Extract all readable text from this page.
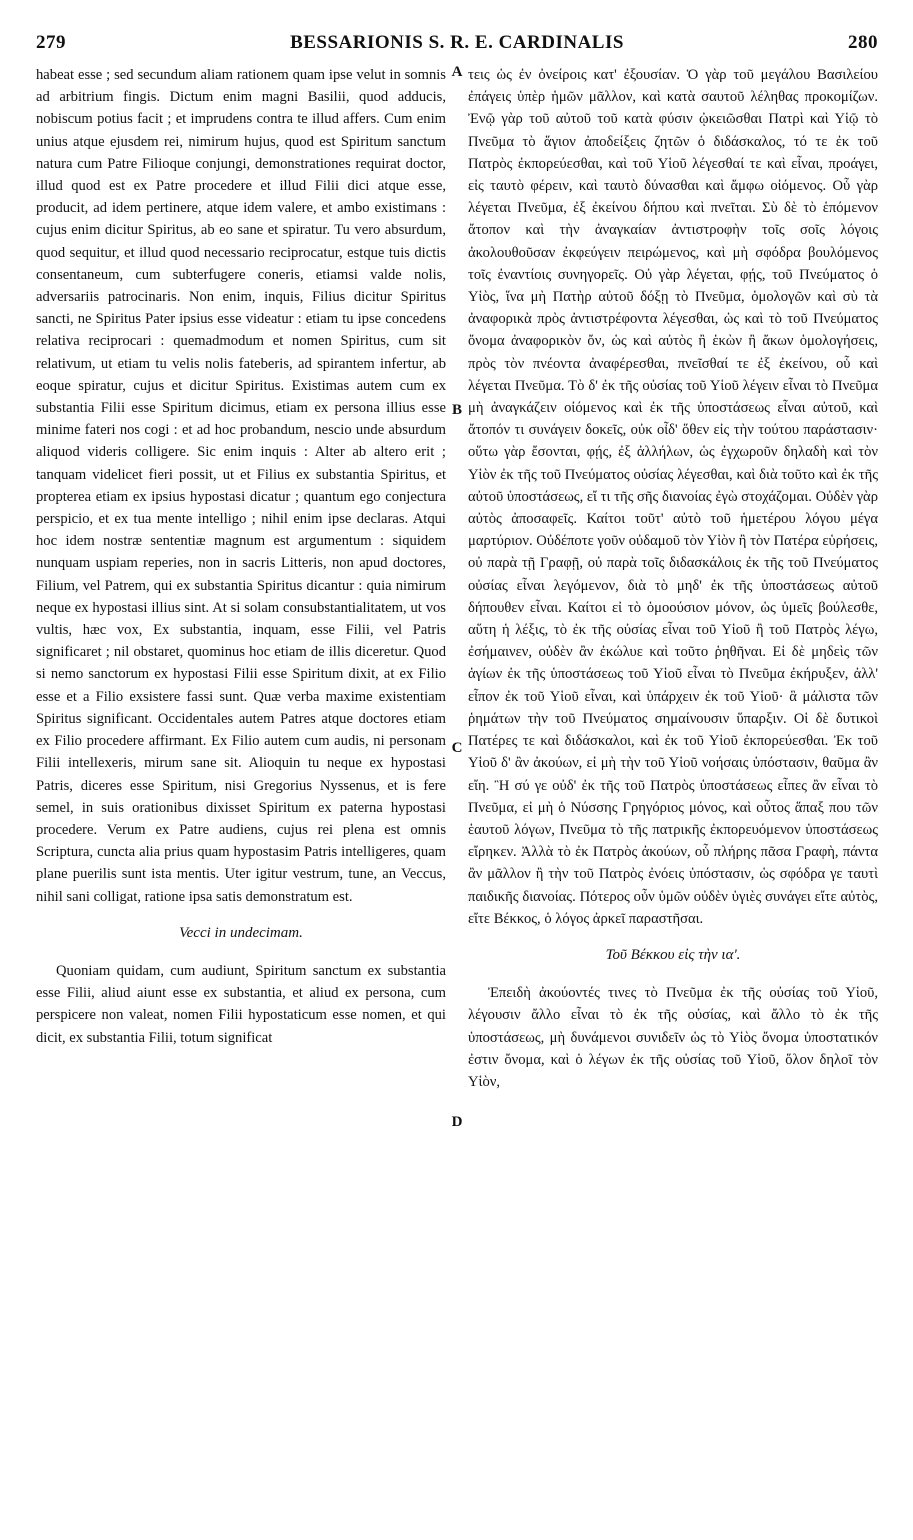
279	BESSARIONIS S. R. E. CARDINALIS	280
A
B
C
D

habeat esse ; sed secundum aliam rationem quam ipse velut in somnis ad arbitrium fingis. Dictum enim magni Basilii, quod adducis, nobiscum potius facit ; et imprudens contra te illud affers. Cum enim unius atque ejusdem rei, nimirum hujus, quod est Spiritum sanctum natura cum Patre Filioque conjungi, demonstrationes requirat doctor, illud quod est ex Patre procedere et illud Filii dici atque esse, producit, ad idem pertinere, atque idem valere, et ambo existimans : cujus enim dicitur Spiritus, ab eo sane et spiratur. Tu vero absurdum, quod sequitur, et illud quod necessario reciprocatur, estque tuis dictis consentaneum, cum subterfugere coneris, etiamsi valde nolis, adversariis patrocinaris. Non enim, inquis, Filius dicitur Spiritus sancti, ne Spiritus Pater ipsius esse videatur : etiam tu ipse concedens relativa reciprocari : quemadmodum et nomen Spiritus, cum sit relativum, ut etiam tu velis nolis fateberis, ad spirantem infertur, ab eoque spiratur, cujus et dicitur Spiritus. Existimas autem cum ex substantia Filii esse Spiritum dicimus, etiam ex persona illius esse minime fateri nos cogi : et ad hoc probandum, nescio unde absurdum aliquod videris colligere. Sic enim inquis : Alter ab altero erit ; tanquam videlicet fieri possit, ut et Filius ex substantia Spiritus, et propterea etiam ex ipsius hypostasi dicatur ; quantum ego conjectura perspicio, et ex tua mente intelligo ; nihil enim ipse declaras. Atqui hoc idem nostræ sententiæ magnum est argumentum : siquidem nunquam uspiam reperies, non in sacris Litteris, non apud doctores, Filium, vel Patrem, qui ex substantia Spiritus dicantur : quia nimirum neque ex hypostasi illius sint. At si solam consubstantialitatem, ut vos vultis, hæc vox, Ex substantia, inquam, esse Filii, vel Patris significaret ; nil obstaret, quominus hoc etiam de illis diceretur. Quod si nemo sanctorum ex hypostasi Filii esse Spiritum dixit, at ex Filio esse et a Filio exsistere fassi sunt. Quæ verba maxime existentiam Spiritus significant. Occidentales autem Patres atque doctores etiam ex Filio procedere affirmant. Ex Filio autem cum audis, ni personam Filii intellexeris, mirum sane sit. Alioquin tu neque ex hypostasi Patris, diceres esse Spiritum, nisi Gregorius Nyssenus, et is fere semel, in suis orationibus dixisset Spiritum ex paterna hypostasi procedere. Verum ex Patre audiens, cujus rei plena est omnis Scriptura, cuncta alia prius quam hypostasim Patris intelligeres, quam plane puerilis sunt ista mentis. Uter igitur vestrum, tune, an Veccus, nihil sani colligat, ratione ipsa satis demonstratum est.

Vecci in undecimam.

Quoniam quidam, cum audiunt, Spiritum sanctum ex substantia esse Filii, aliud aiunt esse ex substantia, et aliud ex persona, cum perspicere non valeat, nomen Filii hypostaticum esse nomen, et qui dicit, ex substantia Filii, totum significat

τεις ὡς ἐν ὀνείροις κατ' ἐξουσίαν. Ὁ γὰρ τοῦ μεγάλου Βασιλείου ἐπάγεις ὑπὲρ ἡμῶν μᾶλλον, καὶ κατὰ σαυτοῦ λέληθας προκομίζων. Ἐνῷ γὰρ τοῦ αὐτοῦ τοῦ κατὰ φύσιν ᾠκειῶσθαι Πατρὶ καὶ Υἱῷ τὸ Πνεῦμα τὸ ἅγιον ἀποδείξεις ζητῶν ὁ διδάσκαλος, τό τε ἐκ τοῦ Πατρὸς ἐκπορεύεσθαι, καὶ τοῦ Υἱοῦ λέγεσθαί τε καὶ εἶναι, προάγει, εἰς ταυτὸ φέρειν, καὶ ταυτὸ δύνασθαι καὶ ἄμφω οἰόμενος. Οὗ γὰρ λέγεται Πνεῦμα, ἐξ ἐκείνου δήπου καὶ πνεῖται. Σὺ δὲ τὸ ἑπόμενον ἄτοπον καὶ τὴν ἀναγκαίαν ἀντιστροφὴν τοῖς σοῖς λόγοις ἀκολουθοῦσαν ἐκφεύγειν πειρώμενος, καὶ μὴ σφόδρα βουλόμενος τοῖς ἐναντίοις συνηγορεῖς. Οὐ γὰρ λέγεται, φῄς, τοῦ Πνεύματος ὁ Υἱὸς, ἵνα μὴ Πατὴρ αὐτοῦ δόξῃ τὸ Πνεῦμα, ὁμολογῶν καὶ σὺ τὰ ἀναφορικὰ πρὸς ἀντιστρέφοντα λέγεσθαι, ὡς καὶ τὸ τοῦ Πνεύματος ὄνομα ἀναφορικὸν ὄν, ὡς καὶ αὐτὸς ἢ ἑκὼν ἢ ἄκων ὁμολογήσεις, πρὸς τὸν πνέοντα ἀναφέρεσθαι, πνεῖσθαί τε ἐξ ἐκείνου, οὗ καὶ λέγεται Πνεῦμα. Τὸ δ' ἐκ τῆς οὐσίας τοῦ Υἱοῦ λέγειν εἶναι τὸ Πνεῦμα μὴ ἀναγκάζειν οἰόμενος καὶ ἐκ τῆς ὑποστάσεως εἶναι αὐτοῦ, καὶ ἄτοπόν τι συνάγειν δοκεῖς, οὐκ οἶδ' ὅθεν εἰς τὴν τούτου παράστασιν· οὕτω γὰρ ἔσονται, φῄς, ἐξ ἀλλήλων, ὡς ἐγχωροῦν δηλαδὴ καὶ τὸν Υἱὸν ἐκ τῆς τοῦ Πνεύματος οὐσίας λέγεσθαι, καὶ διὰ τοῦτο καὶ ἐκ τῆς αὐτοῦ ὑποστάσεως, εἴ τι τῆς σῆς διανοίας ἐγὼ στοχάζομαι. Οὐδὲν γὰρ αὐτὸς ἀποσαφεῖς. Καίτοι τοῦτ' αὐτὸ τοῦ ἡμετέρου λόγου μέγα μαρτύριον. Οὐδέποτε γοῦν οὐδαμοῦ τὸν Υἱὸν ἢ τὸν Πατέρα εὑρήσεις, οὐ παρὰ τῇ Γραφῇ, οὐ παρὰ τοῖς διδασκάλοις ἐκ τῆς τοῦ Πνεύματος οὐσίας εἶναι λεγόμενον, διὰ τὸ μηδ' ἐκ τῆς ὑποστάσεως αὐτοῦ δήπουθεν εἶναι. Καίτοι εἰ τὸ ὁμοούσιον μόνον, ὡς ὑμεῖς βούλεσθε, αὕτη ἡ λέξις, τὸ ἐκ τῆς οὐσίας εἶναι τοῦ Υἱοῦ ἢ τοῦ Πατρὸς λέγω, ἐσήμαινεν, οὐδὲν ἂν ἐκώλυε καὶ τοῦτο ῥηθῆναι. Εἰ δὲ μηδεὶς τῶν ἁγίων ἐκ τῆς ὑποστάσεως τοῦ Υἱοῦ εἶναι τὸ Πνεῦμα ἐκήρυξεν, ἀλλ' εἶπον ἐκ τοῦ Υἱοῦ εἶναι, καὶ ὑπάρχειν ἐκ τοῦ Υἱοῦ· ἃ μάλιστα τῶν ῥημάτων τὴν τοῦ Πνεύματος σημαίνουσιν ὕπαρξιν. Οἱ δὲ δυτικοὶ Πατέρες τε καὶ διδάσκαλοι, καὶ ἐκ τοῦ Υἱοῦ ἐκπορεύεσθαι. Ἐκ τοῦ Υἱοῦ δ' ἂν ἀκούων, εἰ μὴ τὴν τοῦ Υἱοῦ νοήσαις ὑπόστασιν, θαῦμα ἂν εἴη. Ἢ σύ γε οὐδ' ἐκ τῆς τοῦ Πατρὸς ὑποστάσεως εἶπες ἂν εἶναι τὸ Πνεῦμα, εἰ μὴ ὁ Νύσσης Γρηγόριος μόνος, καὶ οὗτος ἅπαξ που τῶν ἑαυτοῦ λόγων, Πνεῦμα τὸ τῆς πατρικῆς ἐκπορευόμενον ὑποστάσεως εἴρηκεν. Ἀλλὰ τὸ ἐκ Πατρὸς ἀκούων, οὗ πλήρης πᾶσα Γραφὴ, πάντα ἂν μᾶλλον ἢ τὴν τοῦ Πατρὸς ἐνόεις ὑπόστασιν, ὡς σφόδρα γε ταυτὶ παιδικῆς διανοίας. Πότερος οὖν ὑμῶν οὐδὲν ὑγιὲς συνάγει εἴτε αὐτὸς, εἴτε Βέκκος, ὁ λόγος ἀρκεῖ παραστῆσαι.

Τοῦ Βέκκου εἰς τὴν ια'.

Ἐπειδὴ ἀκούοντές τινες τὸ Πνεῦμα ἐκ τῆς οὐσίας τοῦ Υἱοῦ, λέγουσιν ἄλλο εἶναι τὸ ἐκ τῆς οὐσίας, καὶ ἄλλο τὸ ἐκ τῆς ὑποστάσεως, μὴ δυνάμενοι συνιδεῖν ὡς τὸ Υἱὸς ὄνομα ὑποστατικόν ἐστιν ὄνομα, καὶ ὁ λέγων ἐκ τῆς οὐσίας τοῦ Υἱοῦ, ὅλον δηλοῖ τὸν Υἱὸν,
